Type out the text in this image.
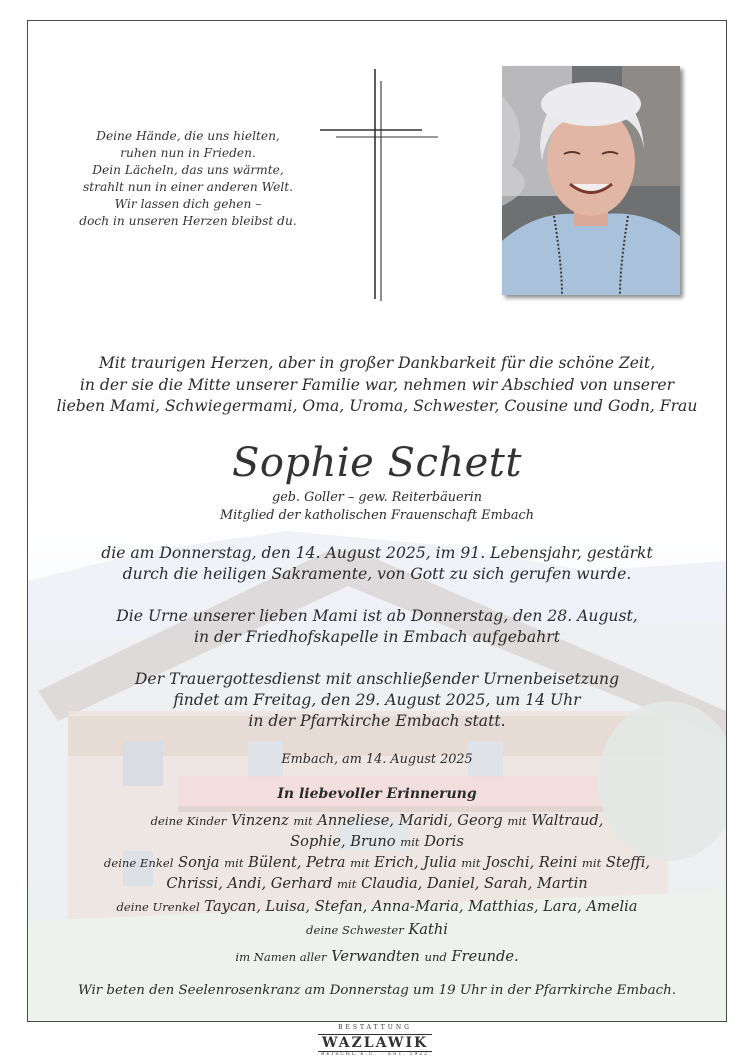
Deine Hände, die uns hielten,
ruhen nun in Frieden.
Dein Lächeln, das uns wärmte,
strahlt nun in einer anderen Welt.
Wir lassen dich gehen –
doch in unseren Herzen bleibst du.
Mit traurigen Herzen, aber in großer Dankbarkeit für die schöne Zeit,
in der sie die Mitte unserer Familie war, nehmen wir Abschied von unserer
lieben Mami, Schwiegermami, Oma, Uroma, Schwester, Cousine und Godn, Frau
Sophie Schett
geb. Goller – gew. Reiterbäuerin
Mitglied der katholischen Frauenschaft Embach
die am Donnerstag, den 14. August 2025, im 91. Lebensjahr, gestärkt
durch die heiligen Sakramente, von Gott zu sich gerufen wurde.
Die Urne unserer lieben Mami ist ab Donnerstag, den 28. August,
in der Friedhofskapelle in Embach aufgebahrt
Der Trauergottesdienst mit anschließender Urnenbeisetzung
findet am Freitag, den 29. August 2025, um 14 Uhr
in der Pfarrkirche Embach statt.
Embach, am 14. August 2025
In liebevoller Erinnerung
deine Kinder Vinzenz mit Anneliese, Maridi, Georg mit Waltraud,
Sophie, Bruno mit Doris
deine Enkel Sonja mit Bülent, Petra mit Erich, Julia mit Joschi, Reini mit Steffi,
Chrissi, Andi, Gerhard mit Claudia, Daniel, Sarah, Martin
deine Urenkel Taycan, Luisa, Stefan, Anna-Maria, Matthias, Lara, Amelia
deine Schwester Kathi
im Namen aller Verwandten und Freunde.
Wir beten den Seelenrosenkranz am Donnerstag um 19 Uhr in der Pfarrkirche Embach.
BESTATTUNG
WAZLAWIK
BEISCHL E.U. · EST. 1922
